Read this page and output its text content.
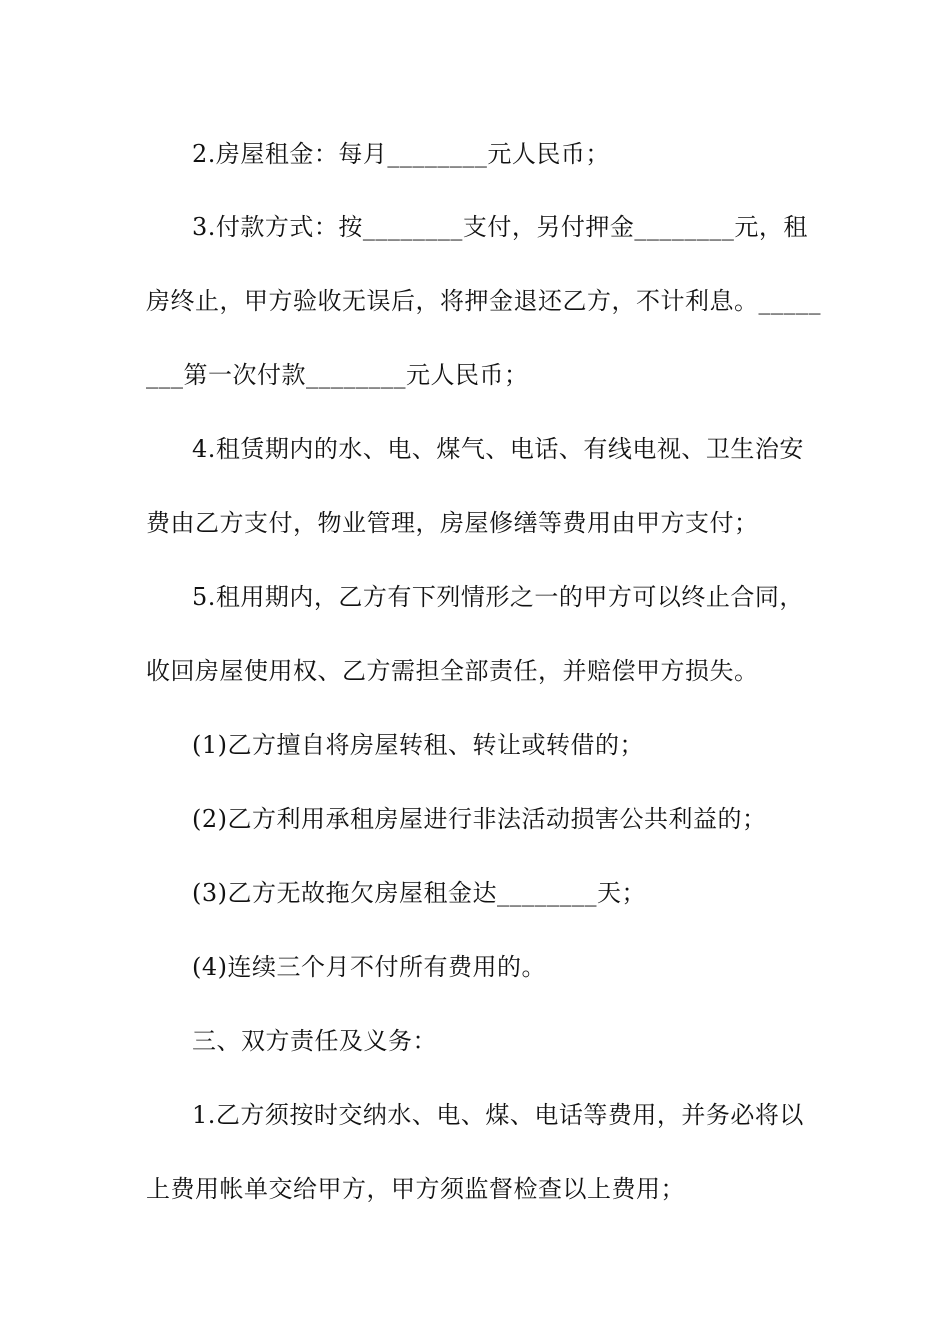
2.房屋租金：每月________元人民币；
3.付款方式：按________支付，另付押金________元，租
房终止，甲方验收无误后，将押金退还乙方，不计利息。_____
___第一次付款________元人民币；
4.租赁期内的水、电、煤气、电话、有线电视、卫生治安
费由乙方支付，物业管理，房屋修缮等费用由甲方支付；
5.租用期内，乙方有下列情形之一的甲方可以终止合同，
收回房屋使用权、乙方需担全部责任，并赔偿甲方损失。
(1)乙方擅自将房屋转租、转让或转借的；
(2)乙方利用承租房屋进行非法活动损害公共利益的；
(3)乙方无故拖欠房屋租金达________天；
(4)连续三个月不付所有费用的。
三、双方责任及义务：
1.乙方须按时交纳水、电、煤、电话等费用，并务必将以
上费用帐单交给甲方，甲方须监督检查以上费用；
